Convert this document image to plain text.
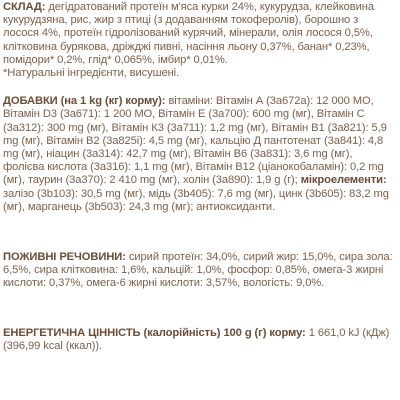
СКЛАД: дегідратований протеїн м'яса курки 24%, кукурудза, клейковина кукурудзяна, рис, жир з птиці (з додаванням токоферолів), борошно з лосося 4%, протеїн гідролізований курячий, мінерали, олія лосося 0,5%, клітковина бурякова, дріжджі пивні, насіння льону 0,37%, банан* 0,23%, помідори* 0,2%, глід* 0,065%, імбир* 0,01%.

*Натуральні інгредієнти, висушені.

ДОБАВКИ (на 1 kg (кг) корму): вітаміни: Вітамін А (3a672a): 12 000 МО, Вітамін D3 (3a671): 1 200 МО, Вітамін Е (3a700): 600 mg (мг), Вітамін С (3a312): 300 mg (мг), Вітамін К3 (3a711): 1,2 mg (мг), Вітамін В1 (3a821): 5,9 mg (мг), Вітамін В2 (3a825i): 4,5 mg (мг), кальцію Д пантотенат (3a841): 4,8 mg (мг), ніацин (3a314): 42,7 mg (мг), Вітамін В6 (3a831): 3,6 mg (мг), фолієва кислота (3a316): 1,1 mg (мг), Вітамін В12 (ціанокобаламін): 0,2 mg (мг), таурин (3a370): 2 410 mg (мг), холін (3a890): 1,9 g (г); мікроелементи: залізо (3b103): 30,5 mg (мг), мідь (3b405): 7,6 mg (мг), цинк (3b605): 83,2 mg (мг), марганець (3b503): 24,3 mg (мг); антиоксиданти.

ПОЖИВНІ РЕЧОВИНИ: сирий протеїн: 34,0%, сирий жир: 15,0%, сира зола: 6,5%, сира клітковина: 1,6%, кальцій: 1,0%, фосфор: 0,85%, омега-3 жирні кислоти: 0,37%, омега-6 жирні кислоти: 3,57%, вологість: 9,0%.

ЕНЕРГЕТИЧНА ЦІННІСТЬ (калорійність) 100 g (г) корму: 1 661,0 kJ (кДж) (396,99 kcal (ккал)).
